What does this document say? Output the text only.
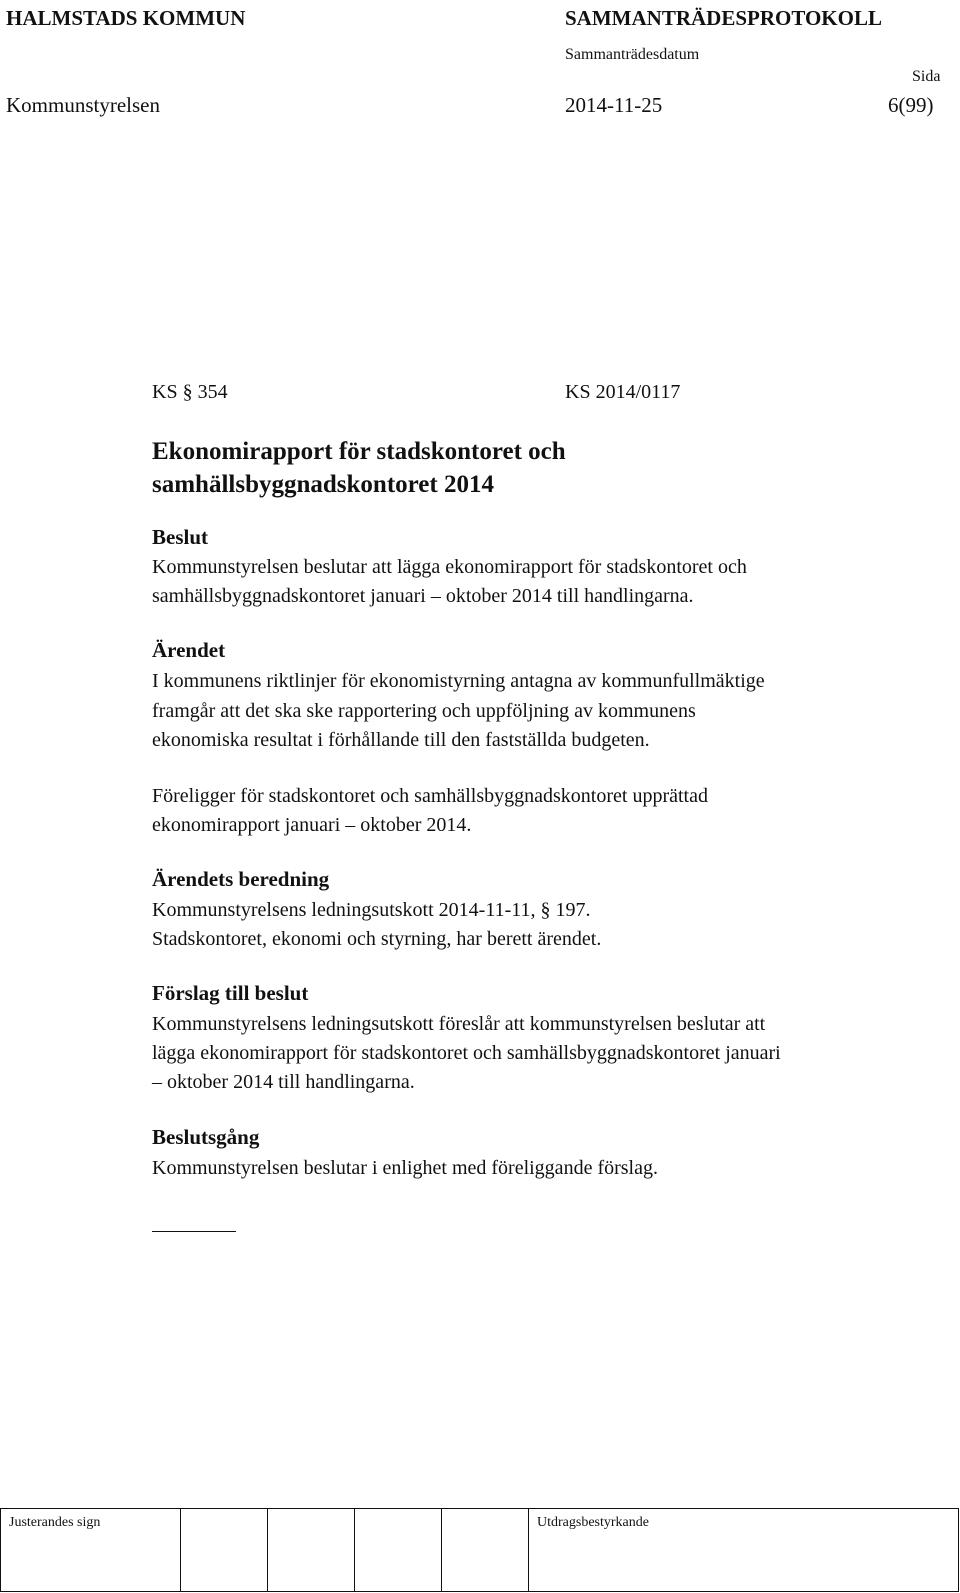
HALMSTADS KOMMUN	SAMMANTRÄDESPROTOKOLL
Sammanträdesdatum
Sida
Kommunstyrelsen	2014-11-25	6(99)
KS § 354	KS 2014/0117
Ekonomirapport för stadskontoret och
samhällsbyggnadskontoret 2014
Beslut
Kommunstyrelsen beslutar att lägga ekonomirapport för stadskontoret och
samhällsbyggnadskontoret januari – oktober 2014 till handlingarna.
Ärendet
I kommunens riktlinjer för ekonomistyrning antagna av kommunfullmäktige
framgår att det ska ske rapportering och uppföljning av kommunens
ekonomiska resultat i förhållande till den fastställda budgeten.
Föreligger för stadskontoret och samhällsbyggnadskontoret upprättad
ekonomirapport januari – oktober 2014.
Ärendets beredning
Kommunstyrelsens ledningsutskott 2014-11-11, § 197.
Stadskontoret, ekonomi och styrning, har berett ärendet.
Förslag till beslut
Kommunstyrelsens ledningsutskott föreslår att kommunstyrelsen beslutar att
lägga ekonomirapport för stadskontoret och samhällsbyggnadskontoret januari
– oktober 2014 till handlingarna.
Beslutsgång
Kommunstyrelsen beslutar i enlighet med föreliggande förslag.
Justerandes sign					Utdragsbestyrkande
